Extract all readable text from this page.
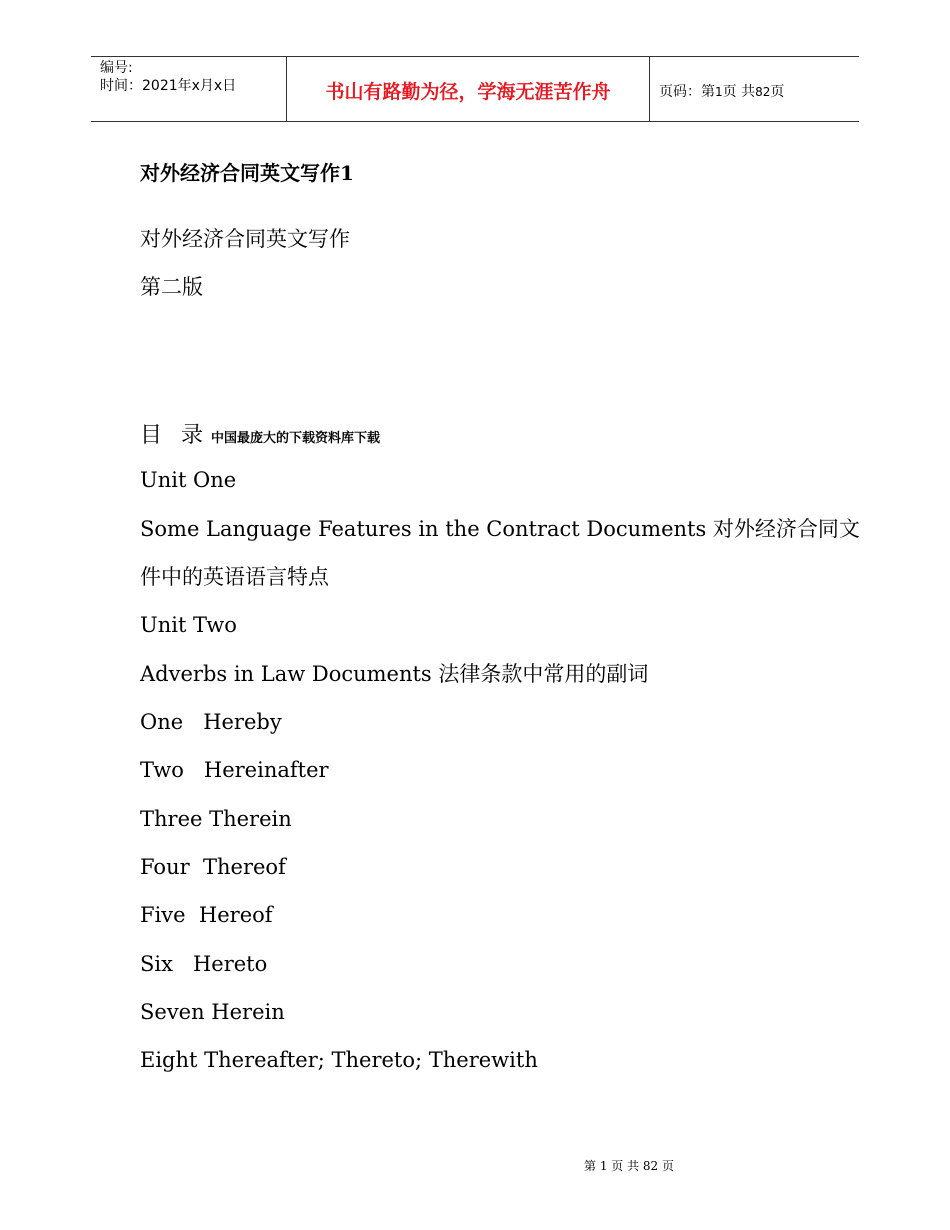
编号:
时间：2021年x月x日	书山有路勤为径，学海无涯苦作舟	页码：第1页 共82页
对外经济合同英文写作1
对外经济合同英文写作
第二版
目 录 中国最庞大的下载资料库下载
Unit One
Some Language Features in the Contract Documents 对外经济合同文
件中的英语语言特点
Unit Two
Adverbs in Law Documents 法律条款中常用的副词
One   Hereby
Two   Hereinafter
Three Therein
Four  Thereof
Five  Hereof
Six   Hereto
Seven Herein
Eight Thereafter; Thereto; Therewith
第 1 页 共 82 页
